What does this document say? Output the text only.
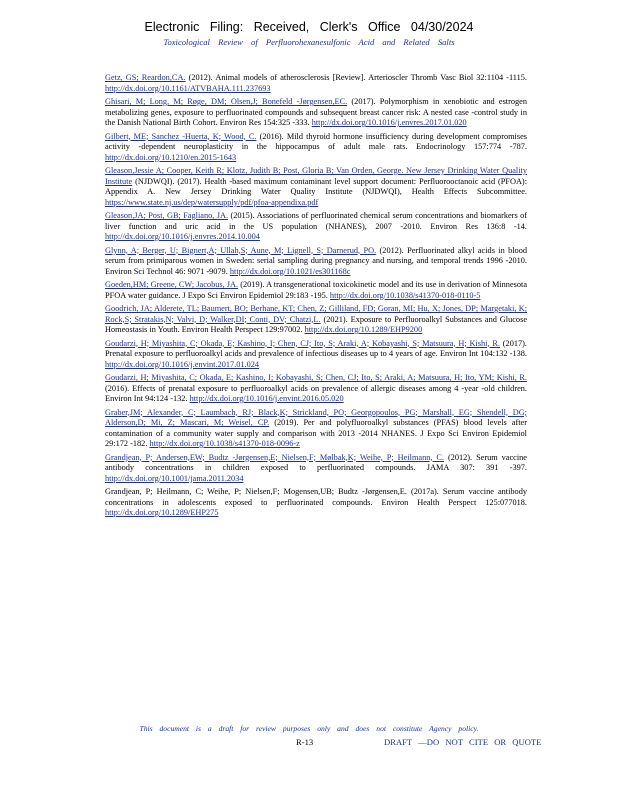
Electronic Filing: Received, Clerk's Office 04/30/2024
Toxicological Review of Perfluorohexanesulfonic Acid and Related Salts

Getz, GS; Reardon,CA. (2012). Animal models of atherosclerosis [Review]. Arterioscler Thromb Vasc Biol 32:1104 -1115. http://dx.doi.org/10.1161/ATVBAHA.111.237693

Ghisari, M; Long, M; Røge, DM; Olsen,J; Bonefeld -Jørgensen,EC. (2017). Polymorphism in xenobiotic and estrogen metabolizing genes, exposure to perfluorinated compounds and subsequent breast cancer risk: A nested case -control study in the Danish National Birth Cohort. Environ Res 154:325 -333. http://dx.doi.org/10.1016/j.envres.2017.01.020

Gilbert, ME; Sanchez -Huerta, K; Wood, C. (2016). Mild thyroid hormone insufficiency during development compromises activity -dependent neuroplasticity in the hippocampus of adult male rats. Endocrinology 157:774 -787. http://dx.doi.org/10.1210/en.2015-1643

Gleason,Jessie A; Cooper, Keith R; Klotz, Judith B; Post, Gloria B; Van Orden, George. New Jersey Drinking Water Quality Institute (NJDWQI). (2017). Health -based maximum contaminant level support document: Perfluorooctanoic acid (PFOA): Appendix A. New Jersey Drinking Water Quality Institute (NJDWQI), Health Effects Subcommittee. https://www.state.nj.us/dep/watersupply/pdf/pfoa-appendixa.pdf

Gleason,JA; Post, GB; Fagliano, JA. (2015). Associations of perfluorinated chemical serum concentrations and biomarkers of liver function and uric acid in the US population (NHANES), 2007 -2010. Environ Res 136:8 -14. http://dx.doi.org/10.1016/j.envres.2014.10.004

Glynn, A; Berger, U; Bignert,A; Ullah,S; Aune, M; Lignell, S; Darnerud, PO. (2012). Perfluorinated alkyl acids in blood serum from primiparous women in Sweden: serial sampling during pregnancy and nursing, and temporal trends 1996 -2010. Environ Sci Technol 46: 9071 -9079. http://dx.doi.org/10.1021/es301168c

Goeden,HM; Greene, CW; Jacobus, JA. (2019). A transgenerational toxicokinetic model and its use in derivation of Minnesota PFOA water guidance. J Expo Sci Environ Epidemiol 29:183 -195. http://dx.doi.org/10.1038/s41370-018-0110-5

Goodrich, JA; Alderete, TL; Baumert, BO; Berhane, KT; Chen, Z; Gilliland, FD; Goran, MI; Hu, X; Jones, DP; Margetaki, K; Rock,S; Stratakis,N; Valvi, D; Walker,DI; Conti, DV; Chatzi,L. (2021). Exposure to Perfluoroalkyl Substances and Glucose Homeostasis in Youth. Environ Health Perspect 129:97002. http://dx.doi.org/10.1289/EHP9200

Goudarzi, H; Miyashita, C; Okada, E; Kashino, I; Chen, CJ; Ito, S; Araki, A; Kobayashi, S; Matsuura, H; Kishi, R. (2017). Prenatal exposure to perfluoroalkyl acids and prevalence of infectious diseases up to 4 years of age. Environ Int 104:132 -138. http://dx.doi.org/10.1016/j.envint.2017.01.024

Goudarzi, H; Miyashita, C; Okada, E; Kashino, I; Kobayashi, S; Chen, CJ; Ito, S; Araki, A; Matsuura, H; Ito, YM; Kishi, R. (2016). Effects of prenatal exposure to perfluoroalkyl acids on prevalence of allergic diseases among 4 -year -old children. Environ Int 94:124 -132. http://dx.doi.org/10.1016/j.envint.2016.05.020

Graber,JM; Alexander, C; Laumbach, RJ; Black,K; Strickland, PO; Georgopoulos, PG; Marshall, EG; Shendell, DG; Alderson,D; Mi, Z; Mascari, M; Weisel, CP. (2019). Per and polyfluoroalkyl substances (PFAS) blood levels after contamination of a community water supply and comparison with 2013 -2014 NHANES. J Expo Sci Environ Epidemiol 29:172 -182. http://dx.doi.org/10.1038/s41370-018-0096-z

Grandjean, P; Andersen,EW; Budtz -Jørgensen,E; Nielsen,F; Mølbak,K; Weihe, P; Heilmann, C. (2012). Serum vaccine antibody concentrations in children exposed to perfluorinated compounds. JAMA 307: 391 -397. http://dx.doi.org/10.1001/jama.2011.2034

Grandjean, P; Heilmann, C; Weihe, P; Nielsen,F; Mogensen,UB; Budtz -Jørgensen,E. (2017a). Serum vaccine antibody concentrations in adolescents exposed to perfluorinated compounds. Environ Health Perspect 125:077018. http://dx.doi.org/10.1289/EHP275

This document is a draft for review purposes only and does not constitute Agency policy.
R-13	DRAFT —DO NOT CITE OR QUOTE
